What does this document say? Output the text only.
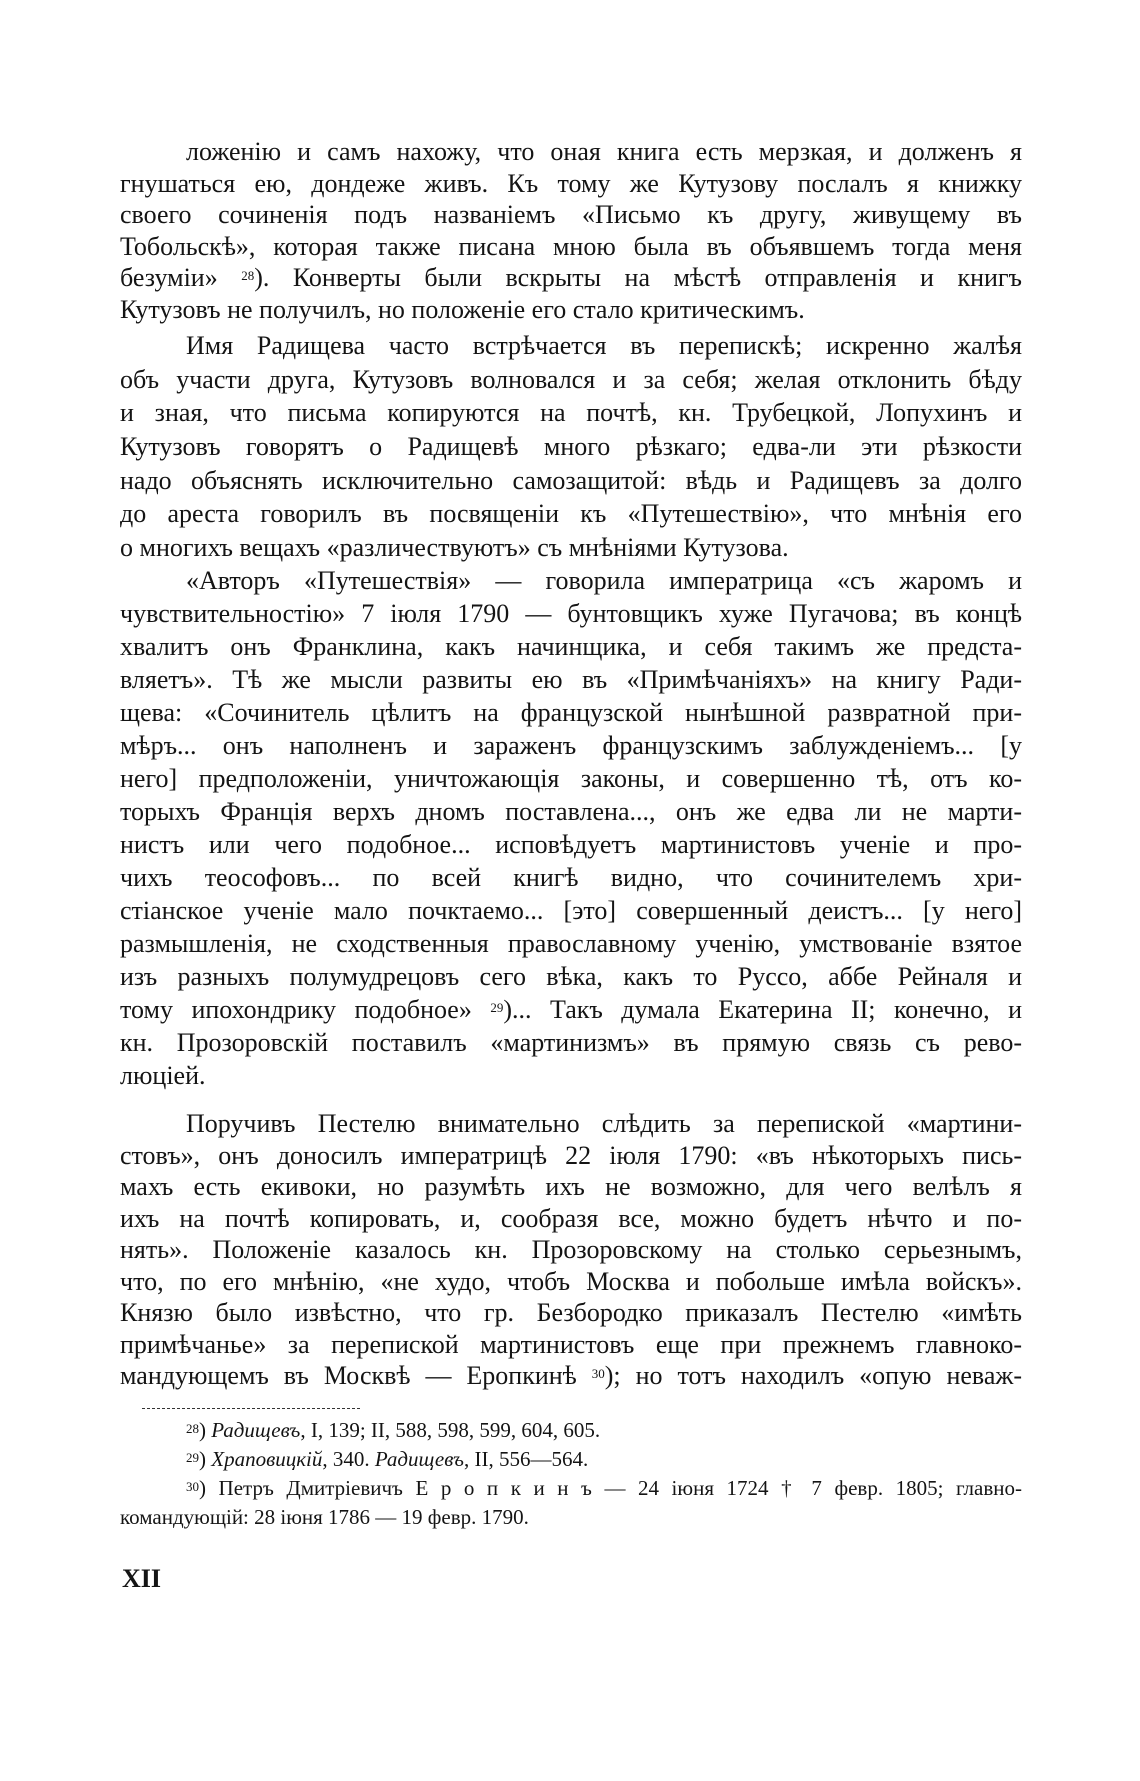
ложенію и самъ нахожу, что оная книга есть мерзкая, и долженъ я
гнушаться ею, дондеже живъ. Къ тому же Кутузову послалъ я книжку
своего сочиненія подъ названіемъ «Письмо къ другу, живущему въ
Тобольскѣ», которая также писана мною была въ объявшемъ тогда меня
безуміи» $^{28}$). Конверты были вскрыты на мѣстѣ отправленія и книгъ
Кутузовъ не получилъ, но положеніе его стало критическимъ.
Имя Радищева часто встрѣчается въ перепискѣ; искренно жалѣя
объ участи друга, Кутузовъ волновался и за себя; желая отклонить бѣду
и зная, что письма копируются на почтѣ, кн. Трубецкой, Лопухинъ и
Кутузовъ говорятъ о Радищевѣ много рѣзкаго; едва-ли эти рѣзкости
надо объяснять исключительно самозащитой: вѣдь и Радищевъ за долго
до ареста говорилъ въ посвященіи къ «Путешествію», что мнѣнія его
о многихъ вещахъ «различествуютъ» съ мнѣніями Кутузова.
«Авторъ «Путешествія» — говорила императрица «съ жаромъ и
чувствительностію» 7 іюля 1790 — бунтовщикъ хуже Пугачова; въ концѣ
хвалитъ онъ Франклина, какъ начинщика, и себя такимъ же предста-
вляетъ». Тѣ же мысли развиты ею въ «Примѣчаніяхъ» на книгу Ради-
щева: «Сочинитель цѣлитъ на французской нынѣшной развратной при-
мѣръ... онъ наполненъ и зараженъ французскимъ заблужденіемъ... [у
него] предположеніи, уничтожающія законы, и совершенно тѣ, отъ ко-
торыхъ Франція верхъ дномъ поставлена..., онъ же едва ли не марти-
нистъ или чего подобное... исповѣдуетъ мартинистовъ ученіе и про-
чихъ теософовъ... по всей книгѣ видно, что сочинителемъ хри-
стіанское ученіе мало почктаемо... [это] совершенный деистъ... [у него]
размышленія, не сходственныя православному ученію, умствованіе взятое
изъ разныхъ полумудрецовъ сего вѣка, какъ то Руссо, аббе Рейналя и
тому ипохондрику подобное» $^{29}$)... Такъ думала Екатерина II; конечно, и
кн. Прозоровскій поставилъ «мартинизмъ» въ прямую связь съ рево-
люціей.
Поручивъ Пестелю внимательно слѣдить за перепиской «мартини-
стовъ», онъ доносилъ императрицѣ 22 іюля 1790: «въ нѣкоторыхъ пись-
махъ есть екивоки, но разумѣть ихъ не возможно, для чего велѣлъ я
ихъ на почтѣ копировать, и, сообразя все, можно будетъ нѣчто и по-
нять». Положеніе казалось кн. Прозоровскому на столько серьезнымъ,
что, по его мнѣнію, «не худо, чтобъ Москва и побольше имѣла войскъ».
Князю было извѣстно, что гр. Безбородко приказалъ Пестелю «имѣть
примѣчанье» за перепиской мартинистовъ еще при прежнемъ главноко-
мандующемъ въ Москвѣ — Еропкинѣ $^{30}$); но тотъ находилъ «опую неваж-
$^{28}$) Радищевъ, I, 139; II, 588, 598, 599, 604, 605.
$^{29}$) Храповицкій, 340. Радищевъ, II, 556—564.
$^{30}$) Петръ Дмитріевичъ Е р о п к и н ъ — 24 іюня 1724 † 7 февр. 1805; главно-
командующій: 28 іюня 1786 — 19 февр. 1790.
XII
